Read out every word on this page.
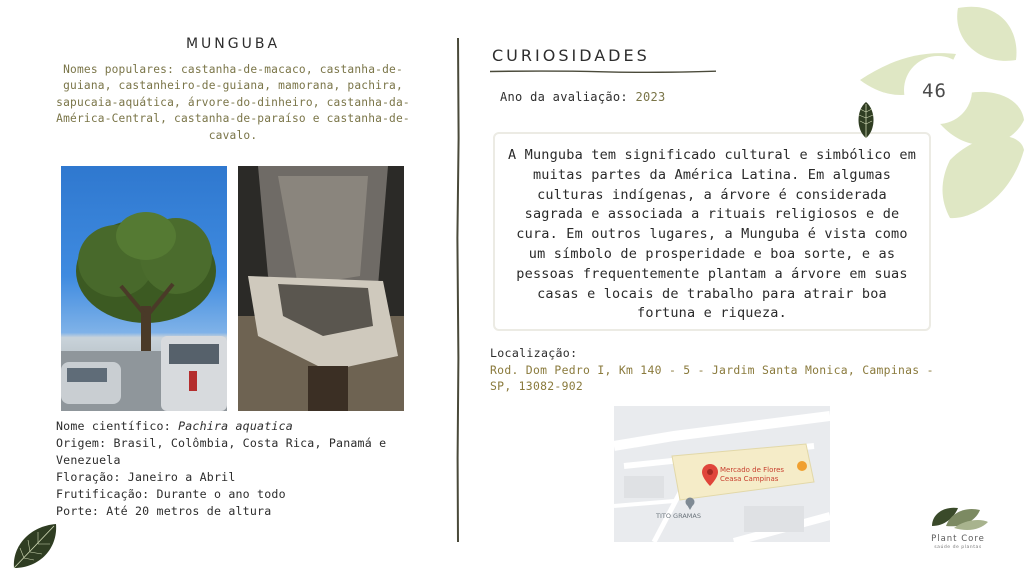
MUNGUBA
Nomes populares: castanha-de-macaco, castanha-de-guiana, castanheiro-de-guiana, mamorana, pachira, sapucaia-aquática, árvore-do-dinheiro, castanha-da-América-Central, castanha-de-paraíso e castanha-de-cavalo.
Nome científico: Pachira aquatica
Origem: Brasil, Colômbia, Costa Rica, Panamá e Venezuela
Floração: Janeiro a Abril
Frutificação: Durante o ano todo
Porte: Até 20 metros de altura
CURIOSIDADES
Ano da avaliação: 2023
A Munguba tem significado cultural e simbólico em muitas partes da América Latina. Em algumas culturas indígenas, a árvore é considerada sagrada e associada a rituais religiosos e de cura. Em outros lugares, a Munguba é vista como um símbolo de prosperidade e boa sorte, e as pessoas frequentemente plantam a árvore em suas casas e locais de trabalho para atrair boa fortuna e riqueza.
Localização:
Rod. Dom Pedro I, Km 140 - 5 - Jardim Santa Monica, Campinas - SP, 13082-902
Mercado de Flores
Ceasa Campinas
TITO GRAMAS
46
Plant Core
saúde de plantas
